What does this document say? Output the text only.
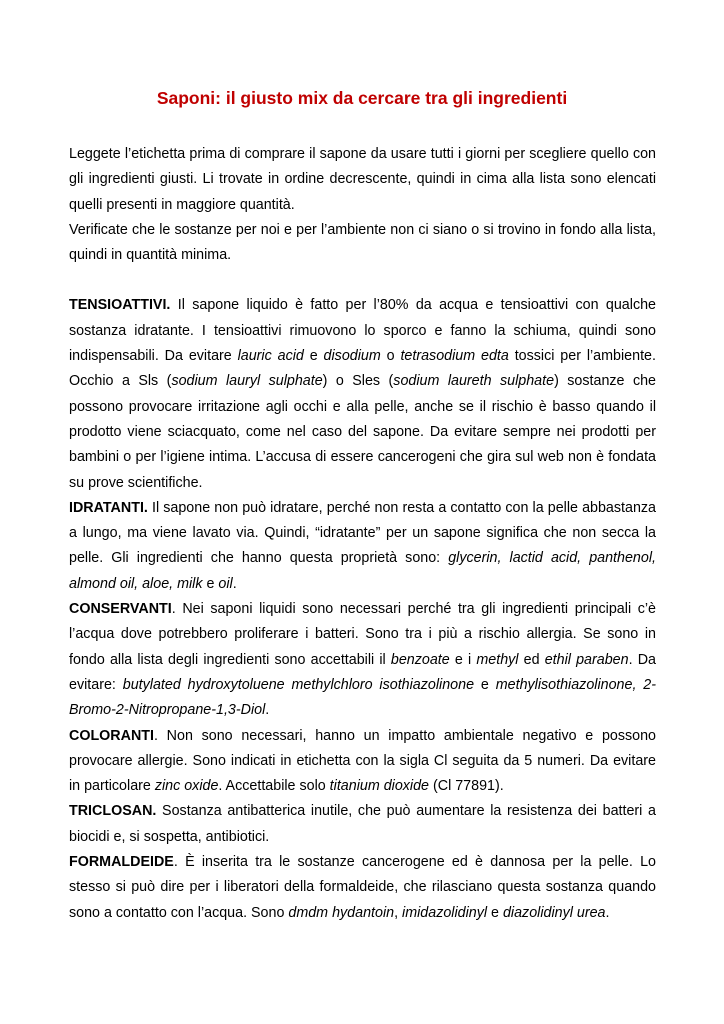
Saponi: il giusto mix da cercare tra gli ingredienti

Leggete l’etichetta prima di comprare il sapone da usare tutti i giorni per scegliere quello con gli ingredienti giusti. Li trovate in ordine decrescente, quindi in cima alla lista sono elencati quelli presenti in maggiore quantità.

Verificate che le sostanze per noi e per l’ambiente non ci siano o si trovino in fondo alla lista, quindi in quantità minima.

TENSIOATTIVI. Il sapone liquido è fatto per l’80% da acqua e tensioattivi con qualche sostanza idratante. I tensioattivi rimuovono lo sporco e fanno la schiuma, quindi sono indispensabili. Da evitare lauric acid e disodium o tetrasodium edta tossici per l’ambiente. Occhio a Sls (sodium lauryl sulphate) o Sles (sodium laureth sulphate) sostanze che possono provocare irritazione agli occhi e alla pelle, anche se il rischio è basso quando il prodotto viene sciacquato, come nel caso del sapone. Da evitare sempre nei prodotti per bambini o per l’igiene intima. L’accusa di essere cancerogeni che gira sul web non è fondata su prove scientifiche.

IDRATANTI. Il sapone non può idratare, perché non resta a contatto con la pelle abbastanza a lungo, ma viene lavato via. Quindi, “idratante” per un sapone significa che non secca la pelle. Gli ingredienti che hanno questa proprietà sono: glycerin, lactid acid, panthenol, almond oil, aloe, milk e oil.

CONSERVANTI. Nei saponi liquidi sono necessari perché tra gli ingredienti principali c’è l’acqua dove potrebbero proliferare i batteri. Sono tra i più a rischio allergia. Se sono in fondo alla lista degli ingredienti sono accettabili il benzoate e i methyl ed ethil paraben. Da evitare: butylated hydroxytoluene methylchloro isothiazolinone e methylisothiazolinone, 2-Bromo-2-Nitropropane-1,3-Diol.

COLORANTI. Non sono necessari, hanno un impatto ambientale negativo e possono provocare allergie. Sono indicati in etichetta con la sigla Cl seguita da 5 numeri. Da evitare in particolare zinc oxide. Accettabile solo titanium dioxide (Cl 77891).

TRICLOSAN. Sostanza antibatterica inutile, che può aumentare la resistenza dei batteri a biocidi e, si sospetta, antibiotici.

FORMALDEIDE. È inserita tra le sostanze cancerogene ed è dannosa per la pelle. Lo stesso si può dire per i liberatori della formaldeide, che rilasciano questa sostanza quando sono a contatto con l’acqua. Sono dmdm hydantoin, imidazolidinyl e diazolidinyl urea.
